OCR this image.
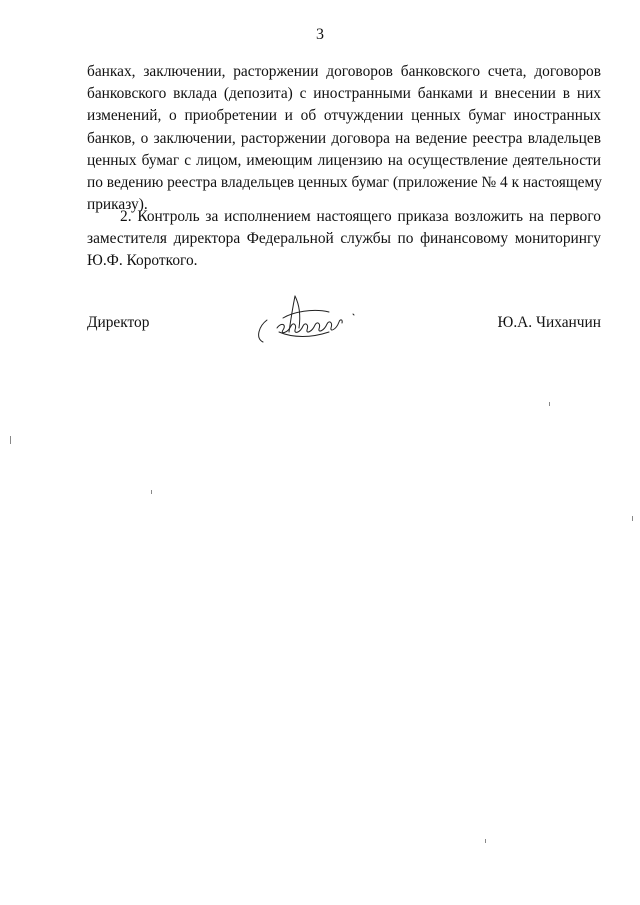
3
банках, заключении, расторжении договоров банковского счета, договоров
банковского вклада (депозита) с иностранными банками и внесении в них
изменений, о приобретении и об отчуждении ценных бумаг иностранных
банков, о заключении, расторжении договора на ведение реестра владельцев
ценных бумаг с лицом, имеющим лицензию на осуществление деятельности
по ведению реестра владельцев ценных бумаг (приложение № 4 к настоящему
приказу).
2. Контроль за исполнением настоящего приказа возложить на первого
заместителя директора Федеральной службы по финансовому мониторингу
Ю.Ф. Короткого.
Директор	Ю.А. Чиханчин
